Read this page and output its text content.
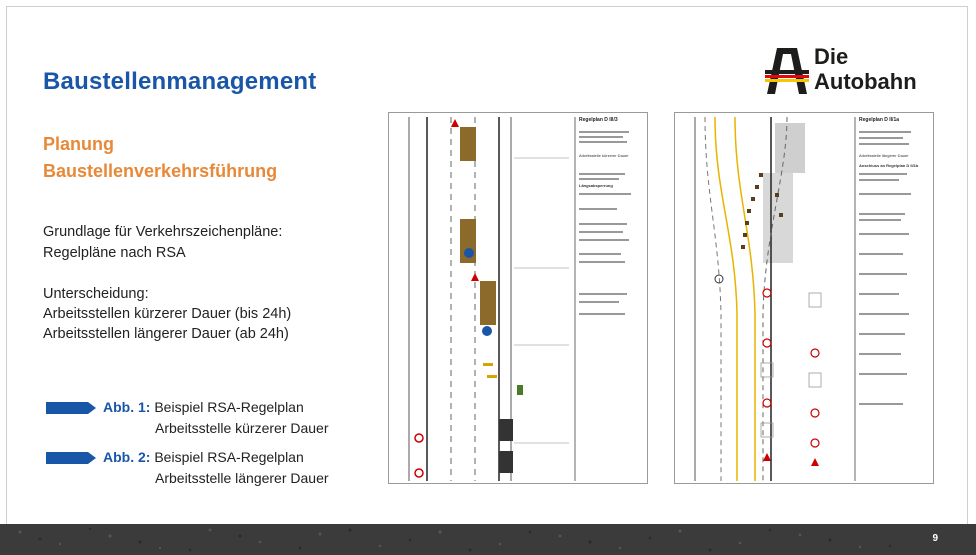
Baustellenmanagement
Planung
Baustellenverkehrsführung
Grundlage für Verkehrszeichenpläne:
Regelpläne nach RSA
Unterscheidung:
Arbeitsstellen kürzerer Dauer (bis 24h)
Arbeitsstellen längerer Dauer (ab 24h)
Abb. 1: Beispiel RSA-Regelplan
Arbeitsstelle kürzerer Dauer
Abb. 2: Beispiel RSA-Regelplan
Arbeitsstelle längerer Dauer
Die
Autobahn
Regelplan D III/3
Arbeitsstelle kürzerer Dauer
Längsabsperrung
Regelplan D II/1a
Arbeitsstelle längerer Dauer
Anschluss an Regelplan D II/1b
9
